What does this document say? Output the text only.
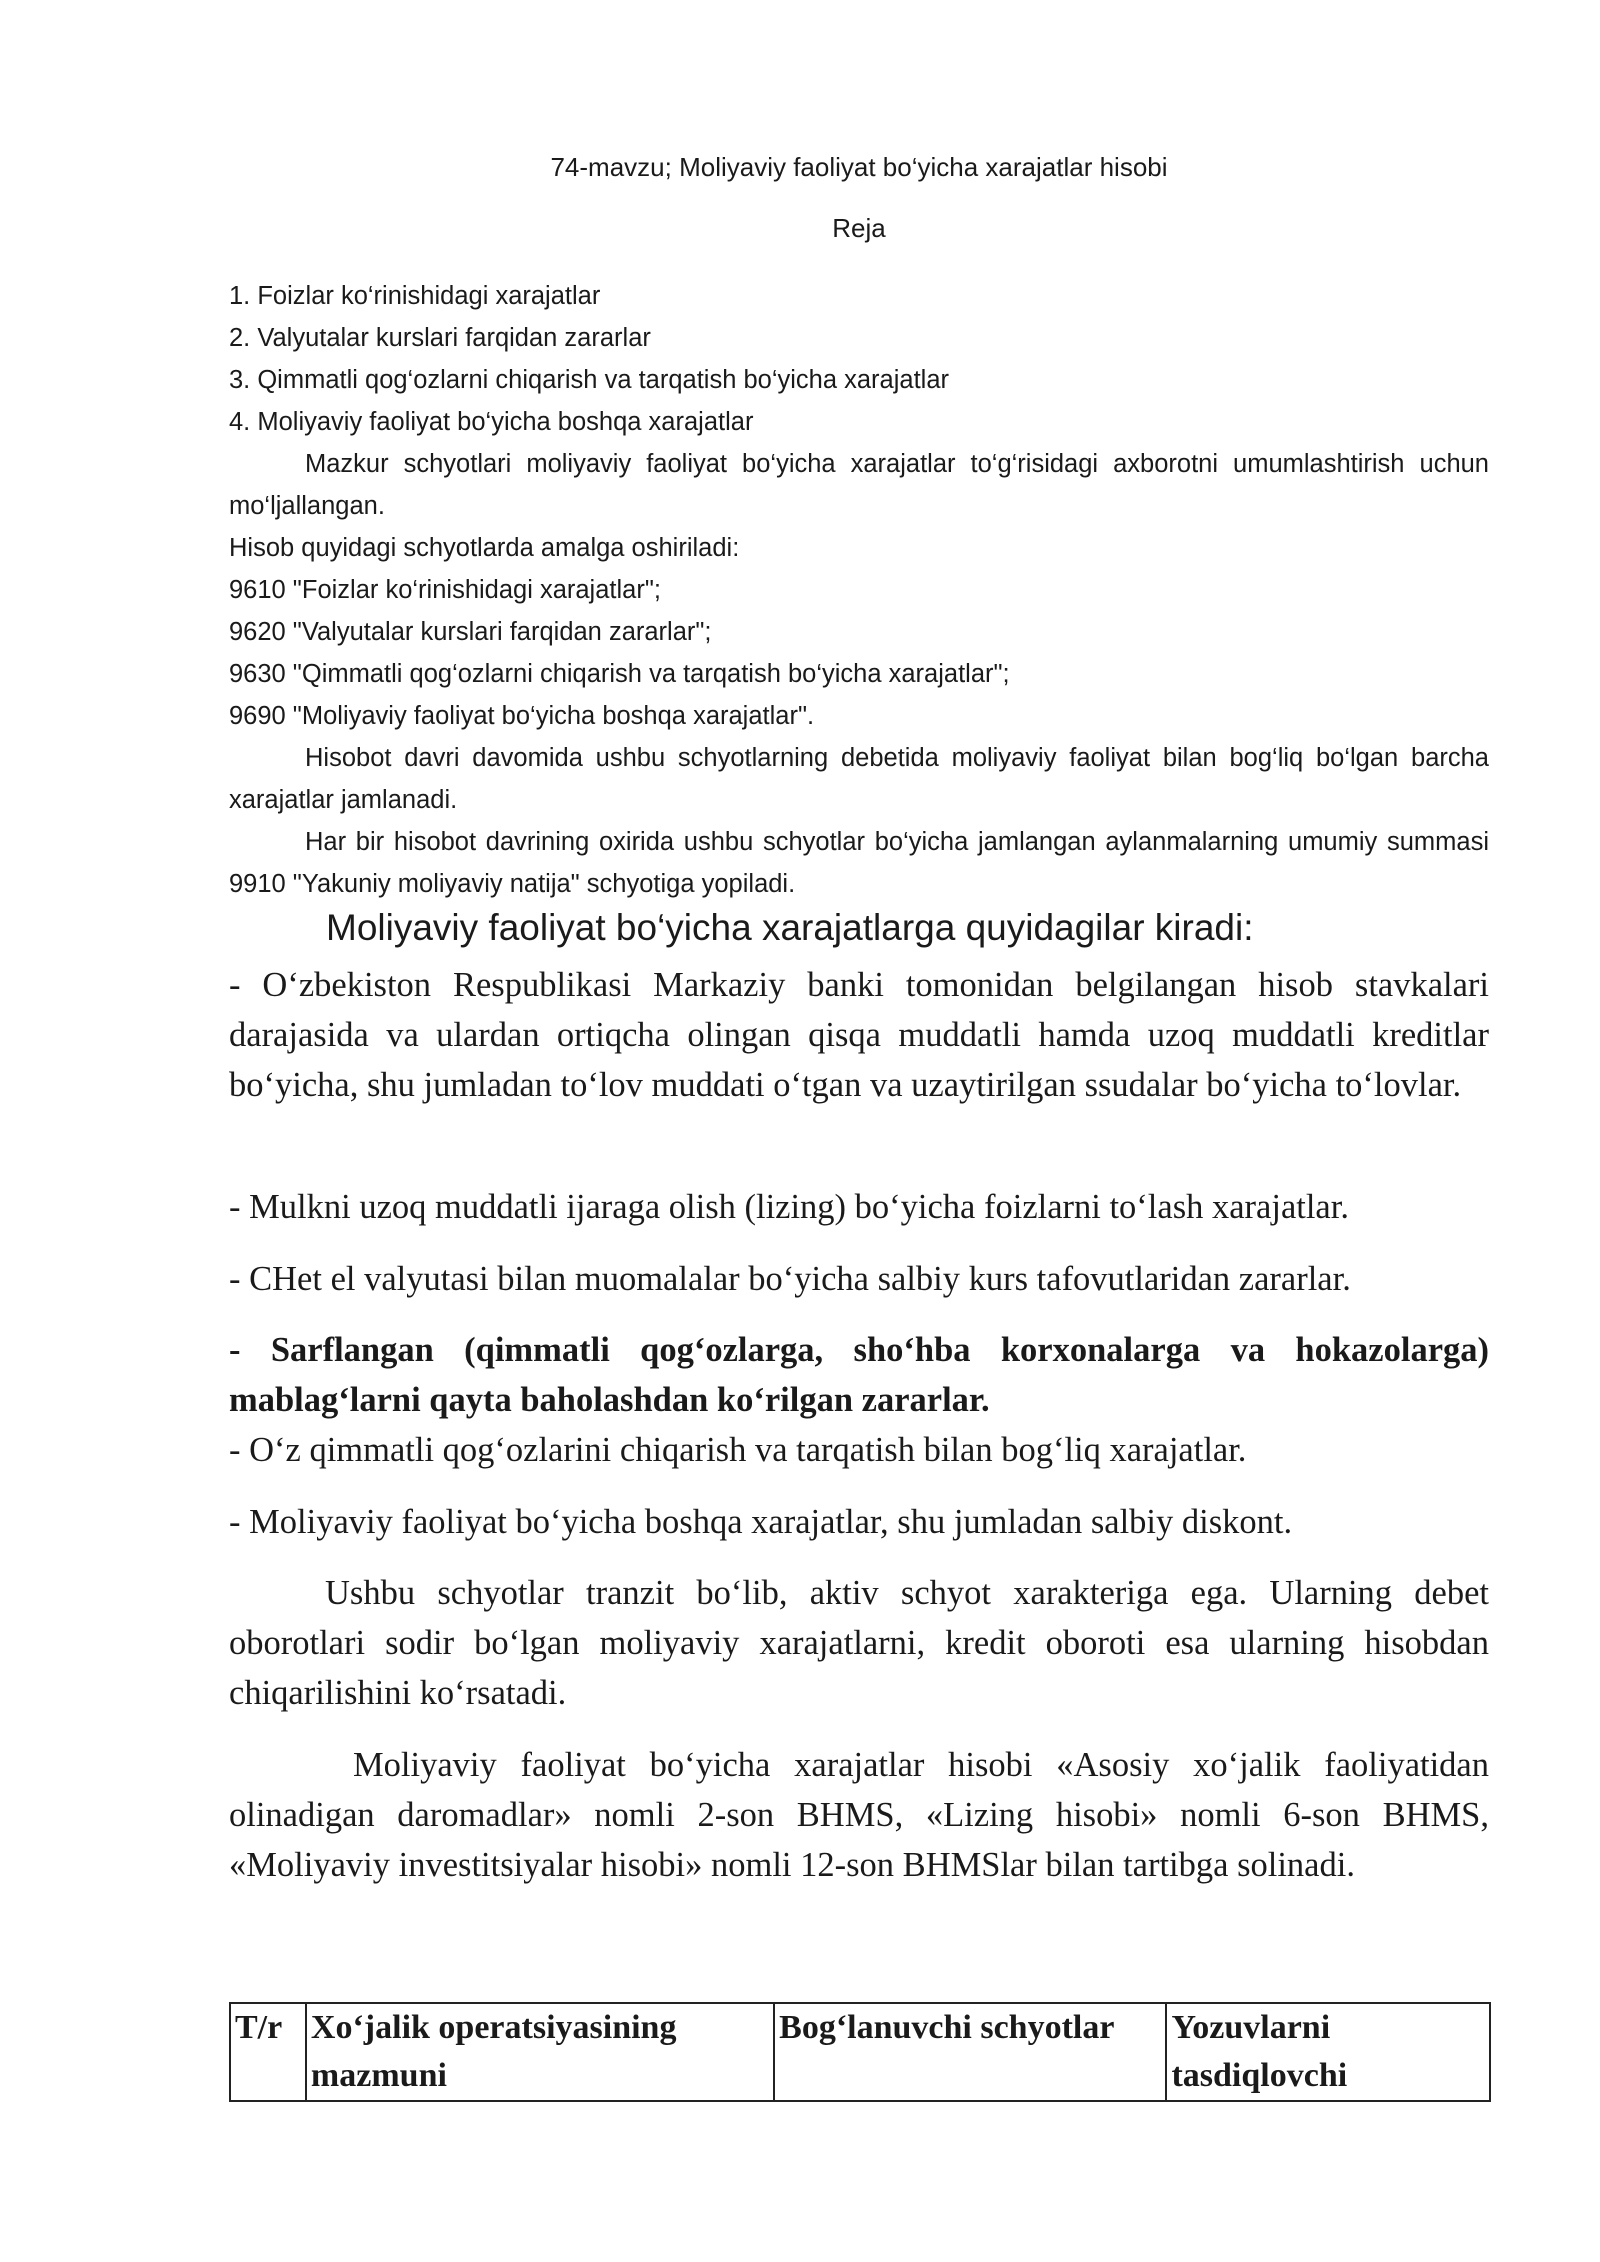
74-mavzu; Moliyaviy faoliyat bo‘yicha xarajatlar hisobi
Reja
1. Foizlar ko‘rinishidagi xarajatlar
2. Valyutalar kurslari farqidan zararlar
3. Qimmatli qog‘ozlarni chiqarish va tarqatish bo‘yicha xarajatlar
4. Moliyaviy faoliyat bo‘yicha boshqa xarajatlar

Mazkur schyotlari moliyaviy faoliyat bo‘yicha xarajatlar to‘g‘risidagi axborotni umumlashtirish uchun mo‘ljallangan.

Hisob quyidagi schyotlarda amalga oshiriladi:
9610 "Foizlar ko‘rinishidagi xarajatlar";
9620 "Valyutalar kurslari farqidan zararlar";
9630 "Qimmatli qog‘ozlarni chiqarish va tarqatish bo‘yicha xarajatlar";
9690 "Moliyaviy faoliyat bo‘yicha boshqa xarajatlar".

Hisobot davri davomida ushbu schyotlarning debetida moliyaviy faoliyat bilan bog‘liq bo‘lgan barcha xarajatlar jamlanadi.

Har bir hisobot davrining oxirida ushbu schyotlar bo‘yicha jamlangan aylanmalarning umumiy summasi 9910 "Yakuniy moliyaviy natija" schyotiga yopiladi.

Moliyaviy faoliyat bo‘yicha xarajatlarga quyidagilar kiradi:

- O‘zbekiston Respublikasi Markaziy banki tomonidan belgilangan hisob stavkalari darajasida va ulardan ortiqcha olingan qisqa muddatli hamda uzoq muddatli kreditlar bo‘yicha, shu jumladan to‘lov muddati o‘tgan va uzaytirilgan ssudalar bo‘yicha to‘lovlar.

- Mulkni uzoq muddatli ijaraga olish (lizing) bo‘yicha foizlarni to‘lash xarajatlar.

- CHet el valyutasi bilan muomalalar bo‘yicha salbiy kurs tafovutlaridan zararlar.

- Sarflangan (qimmatli qog‘ozlarga, sho‘hba korxonalarga va hokazolarga) mablag‘larni qayta baholashdan ko‘rilgan zararlar.

- O‘z qimmatli qog‘ozlarini chiqarish va tarqatish bilan bog‘liq xarajatlar.

- Moliyaviy faoliyat bo‘yicha boshqa xarajatlar, shu jumladan salbiy diskont.

Ushbu schyotlar tranzit bo‘lib, aktiv schyot xarakteriga ega. Ularning debet oborotlari sodir bo‘lgan moliyaviy xarajatlarni, kredit oboroti esa ularning hisobdan chiqarilishini ko‘rsatadi.

Moliyaviy faoliyat bo‘yicha xarajatlar hisobi «Asosiy xo‘jalik faoliyatidan olinadigan daromadlar» nomli 2-son BHMS, «Lizing hisobi» nomli 6-son BHMS, «Moliyaviy investitsiyalar hisobi» nomli 12-son BHMSlar bilan tartibga solinadi.

T/r	Xo‘jalik operatsiyasining mazmuni	Bog‘lanuvchi schyotlar	Yozuvlarni tasdiqlovchi
